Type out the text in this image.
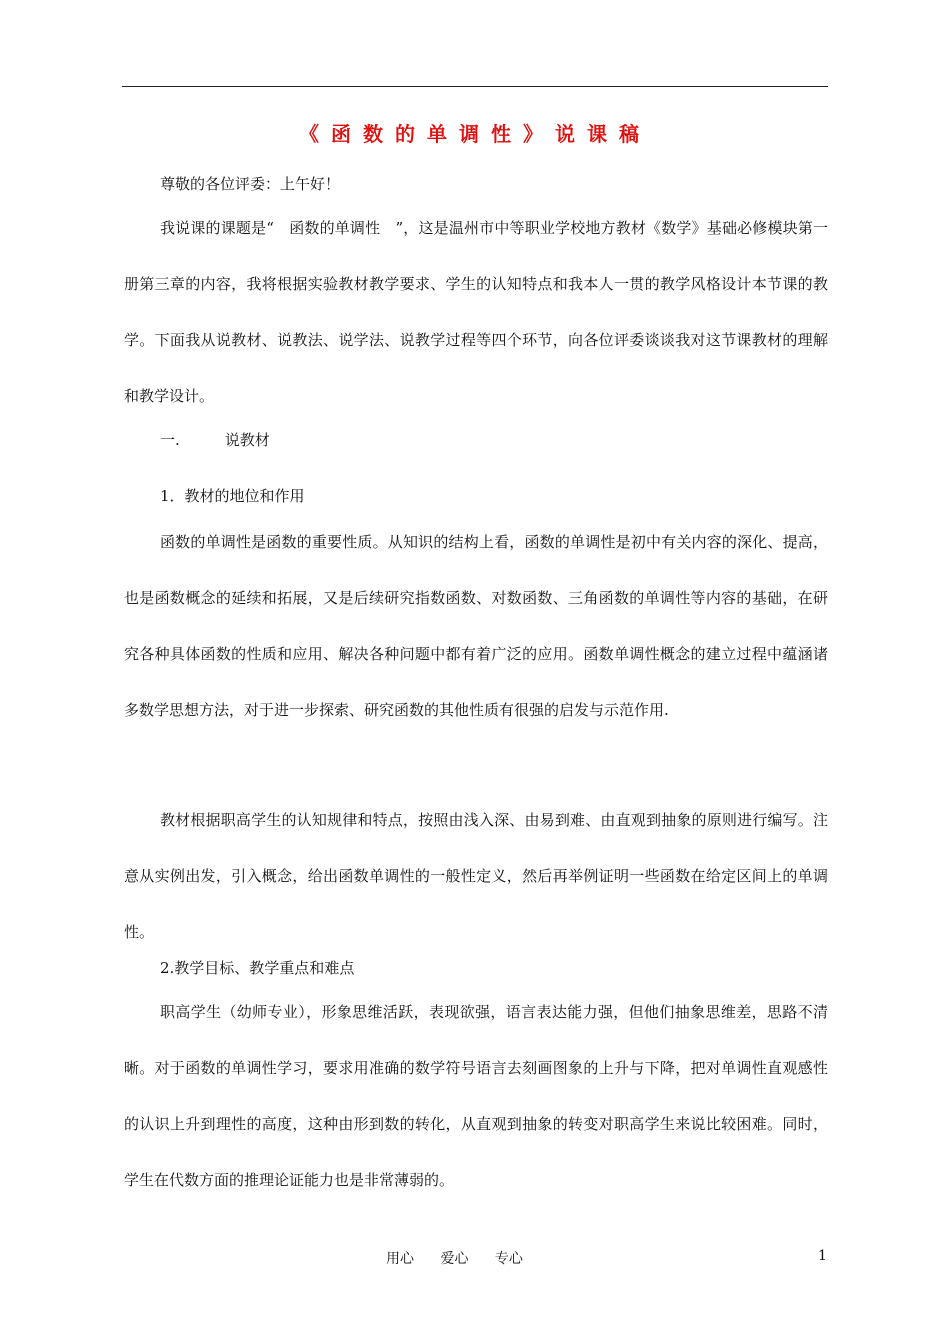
《函数的单调性》说课稿

尊敬的各位评委：上午好！

我说课的课题是“　函数的单调性　”，这是温州市中等职业学校地方教材《数学》基础必修模块第一册第三章的内容，我将根据实验教材教学要求、学生的认知特点和我本人一贯的教学风格设计本节课的教学。下面我从说教材、说教法、说学法、说教学过程等四个环节，向各位评委谈谈我对这节课教材的理解和教学设计。

一.　　　说教材

1．教材的地位和作用

函数的单调性是函数的重要性质。从知识的结构上看，函数的单调性是初中有关内容的深化、提高，也是函数概念的延续和拓展，又是后续研究指数函数、对数函数、三角函数的单调性等内容的基础，在研究各种具体函数的性质和应用、解决各种问题中都有着广泛的应用。函数单调性概念的建立过程中蕴涵诸多数学思想方法，对于进一步探索、研究函数的其他性质有很强的启发与示范作用.

教材根据职高学生的认知规律和特点，按照由浅入深、由易到难、由直观到抽象的原则进行编写。注意从实例出发，引入概念，给出函数单调性的一般性定义，然后再举例证明一些函数在给定区间上的单调性。

2.教学目标、教学重点和难点

职高学生（幼师专业），形象思维活跃，表现欲强，语言表达能力强，但他们抽象思维差，思路不清晰。对于函数的单调性学习，要求用准确的数学符号语言去刻画图象的上升与下降，把对单调性直观感性的认识上升到理性的高度，这种由形到数的转化，从直观到抽象的转变对职高学生来说比较困难。同时，学生在代数方面的推理论证能力也是非常薄弱的。

用心 爱心 专心	1
